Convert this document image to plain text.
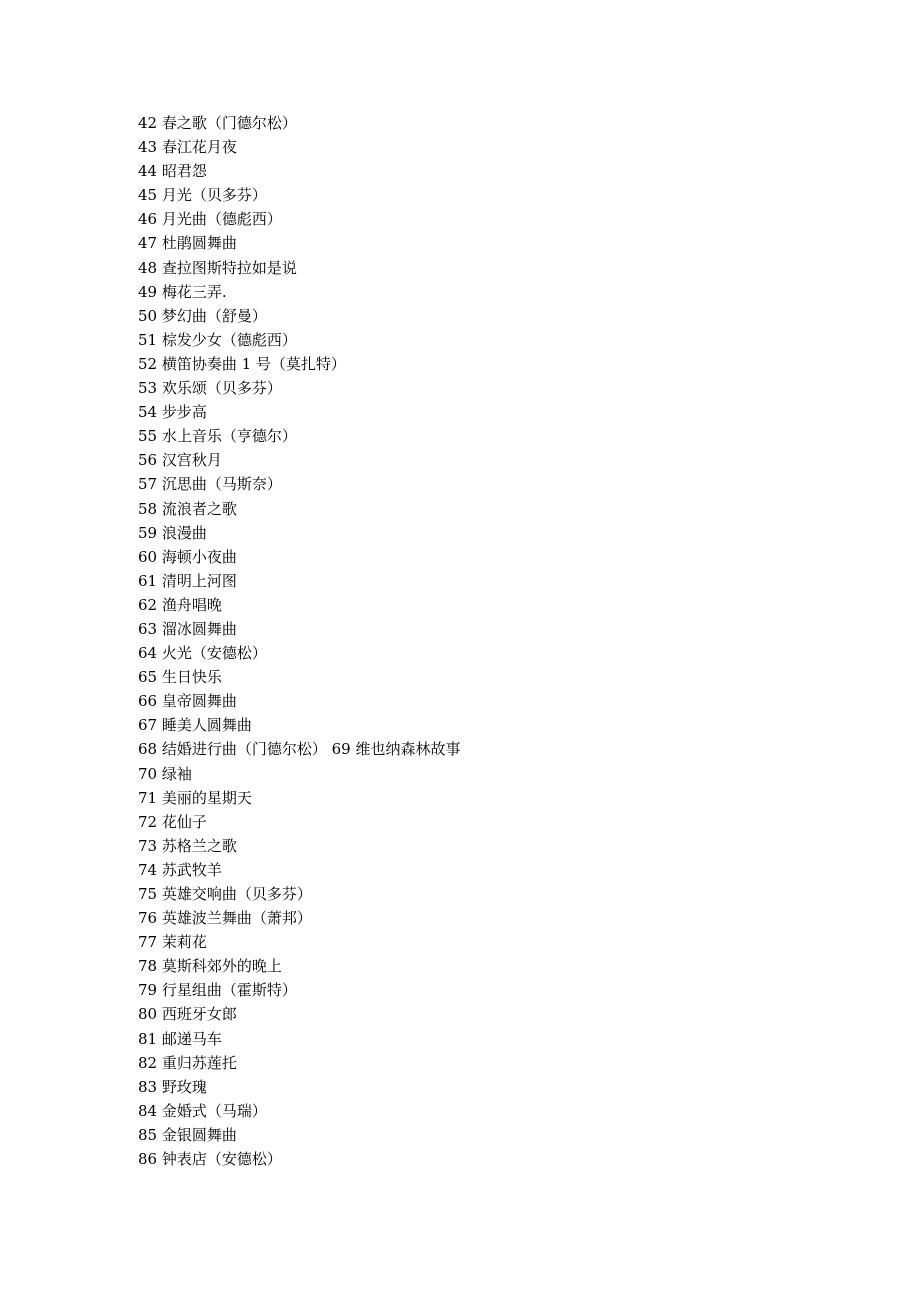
42 春之歌（门德尔松）
43 春江花月夜
44 昭君怨
45 月光（贝多芬）
46 月光曲（德彪西）
47 杜鹃圆舞曲
48 查拉图斯特拉如是说
49 梅花三弄.
50 梦幻曲（舒曼）
51 棕发少女（德彪西）
52 横笛协奏曲 1 号（莫扎特）
53 欢乐颂（贝多芬）
54 步步高
55 水上音乐（亨德尔）
56 汉宫秋月
57 沉思曲（马斯奈）
58 流浪者之歌
59 浪漫曲
60 海顿小夜曲
61 清明上河图
62 渔舟唱晚
63 溜冰圆舞曲
64 火光（安德松）
65 生日快乐
66 皇帝圆舞曲
67 睡美人圆舞曲
68 结婚进行曲（门德尔松） 69 维也纳森林故事
70 绿袖
71 美丽的星期天
72 花仙子
73 苏格兰之歌
74 苏武牧羊
75 英雄交响曲（贝多芬）
76 英雄波兰舞曲（萧邦）
77 茉莉花
78 莫斯科郊外的晚上
79 行星组曲（霍斯特）
80 西班牙女郎
81 邮递马车
82 重归苏莲托
83 野玫瑰
84 金婚式（马瑞）
85 金银圆舞曲
86 钟表店（安德松）
